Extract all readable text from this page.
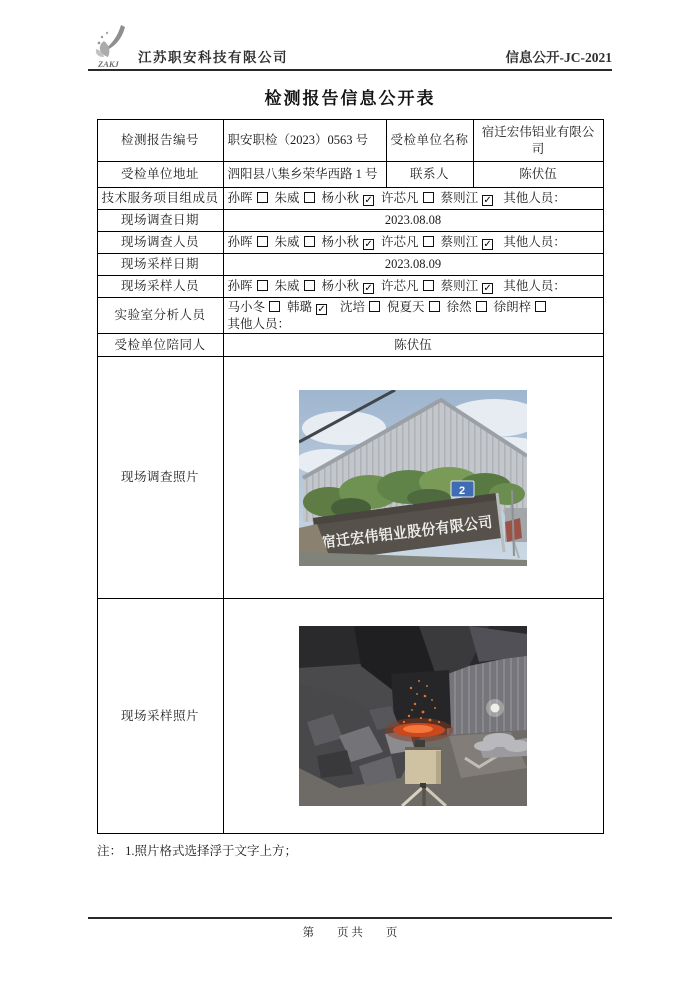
ZAKJ 江苏职安科技有限公司	信息公开-JC-2021
检测报告信息公开表
检测报告编号	职安职检（2023）0563 号	受检单位名称	宿迁宏伟铝业有限公司
受检单位地址	泗阳县八集乡荣华西路 1 号	联系人	陈伏伍
技术服务项目组成员	孙晖 朱威 杨小秋 ✓ 许芯凡 蔡则江 ✓ 其他人员：		
现场调查日期	2023.08.08		
现场调查人员	孙晖 朱威 杨小秋 ✓ 许芯凡 蔡则江 ✓ 其他人员：		
现场采样日期	2023.08.09		
现场采样人员	孙晖 朱威 杨小秋 ✓ 许芯凡 蔡则江 ✓ 其他人员：		
实验室分析人员	马小冬 韩璐 ✓ 沈培 倪夏天 徐然 徐朗梓
其他人员：		

受检单位陪同人	陈伏伍		
现场调查照片	宿迁宏伟铝业股份有限公司
2		

现场采样照片	
注： 1.照片格式选择浮于文字上方；
第　　页 共　　页
